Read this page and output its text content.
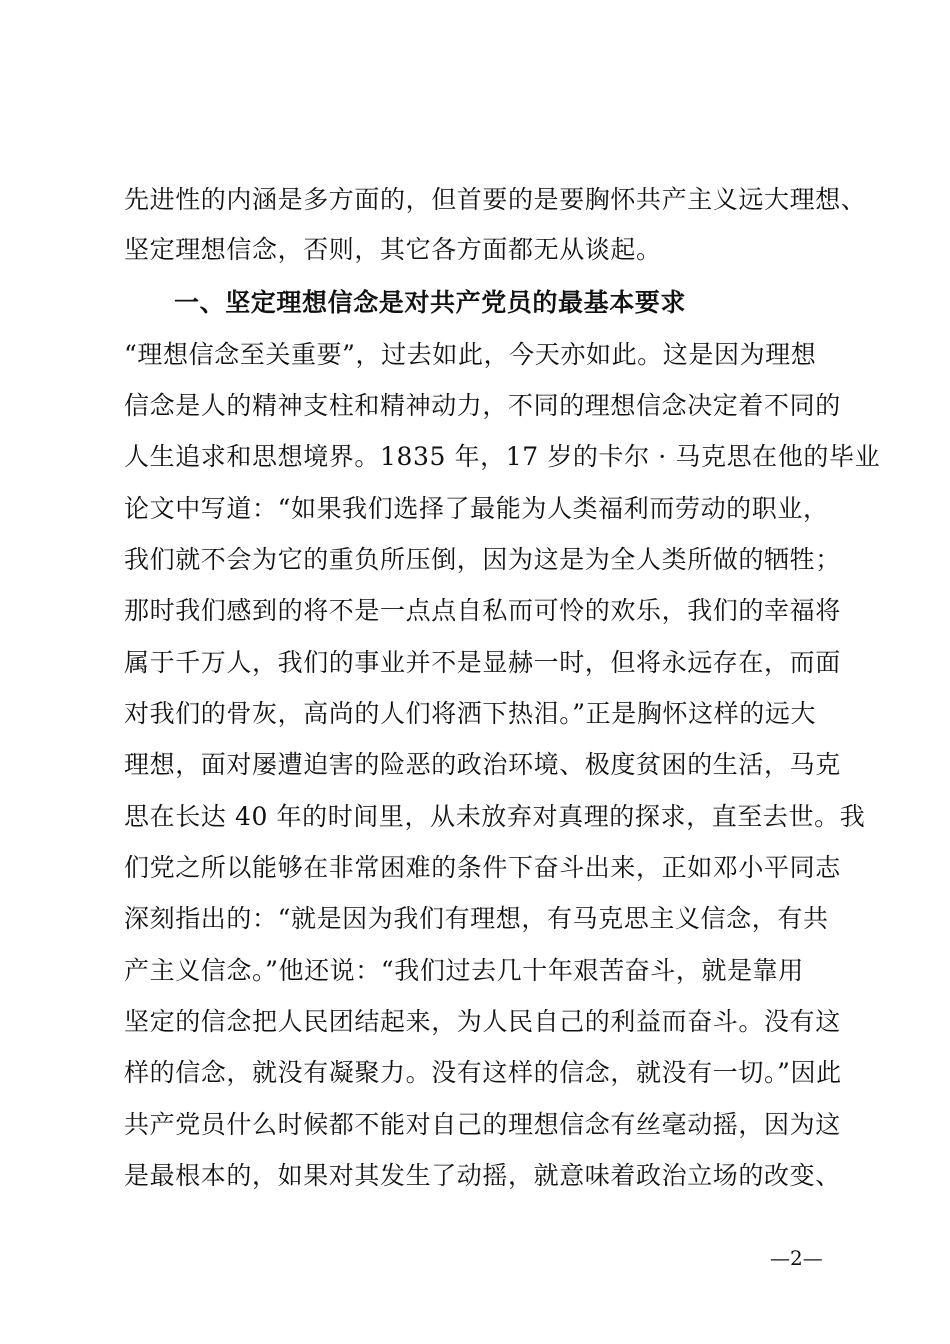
先进性的内涵是多方面的，但首要的是要胸怀共产主义远大理想、
坚定理想信念，否则，其它各方面都无从谈起。
一、坚定理想信念是对共产党员的最基本要求
“理想信念至关重要”，过去如此，今天亦如此。这是因为理想
信念是人的精神支柱和精神动力，不同的理想信念决定着不同的
人生追求和思想境界。1835 年，17 岁的卡尔 · 马克思在他的毕业
论文中写道：“如果我们选择了最能为人类福利而劳动的职业，
我们就不会为它的重负所压倒，因为这是为全人类所做的牺牲；
那时我们感到的将不是一点点自私而可怜的欢乐，我们的幸福将
属于千万人，我们的事业并不是显赫一时，但将永远存在，而面
对我们的骨灰，高尚的人们将洒下热泪。”正是胸怀这样的远大
理想，面对屡遭迫害的险恶的政治环境、极度贫困的生活，马克
思在长达 40 年的时间里，从未放弃对真理的探求，直至去世。我
们党之所以能够在非常困难的条件下奋斗出来，正如邓小平同志
深刻指出的：“就是因为我们有理想，有马克思主义信念，有共
产主义信念。”他还说：“我们过去几十年艰苦奋斗，就是靠用
坚定的信念把人民团结起来，为人民自己的利益而奋斗。没有这
样的信念，就没有凝聚力。没有这样的信念，就没有一切。”因此
共产党员什么时候都不能对自己的理想信念有丝毫动摇，因为这
是最根本的，如果对其发生了动摇，就意味着政治立场的改变、
—2—
